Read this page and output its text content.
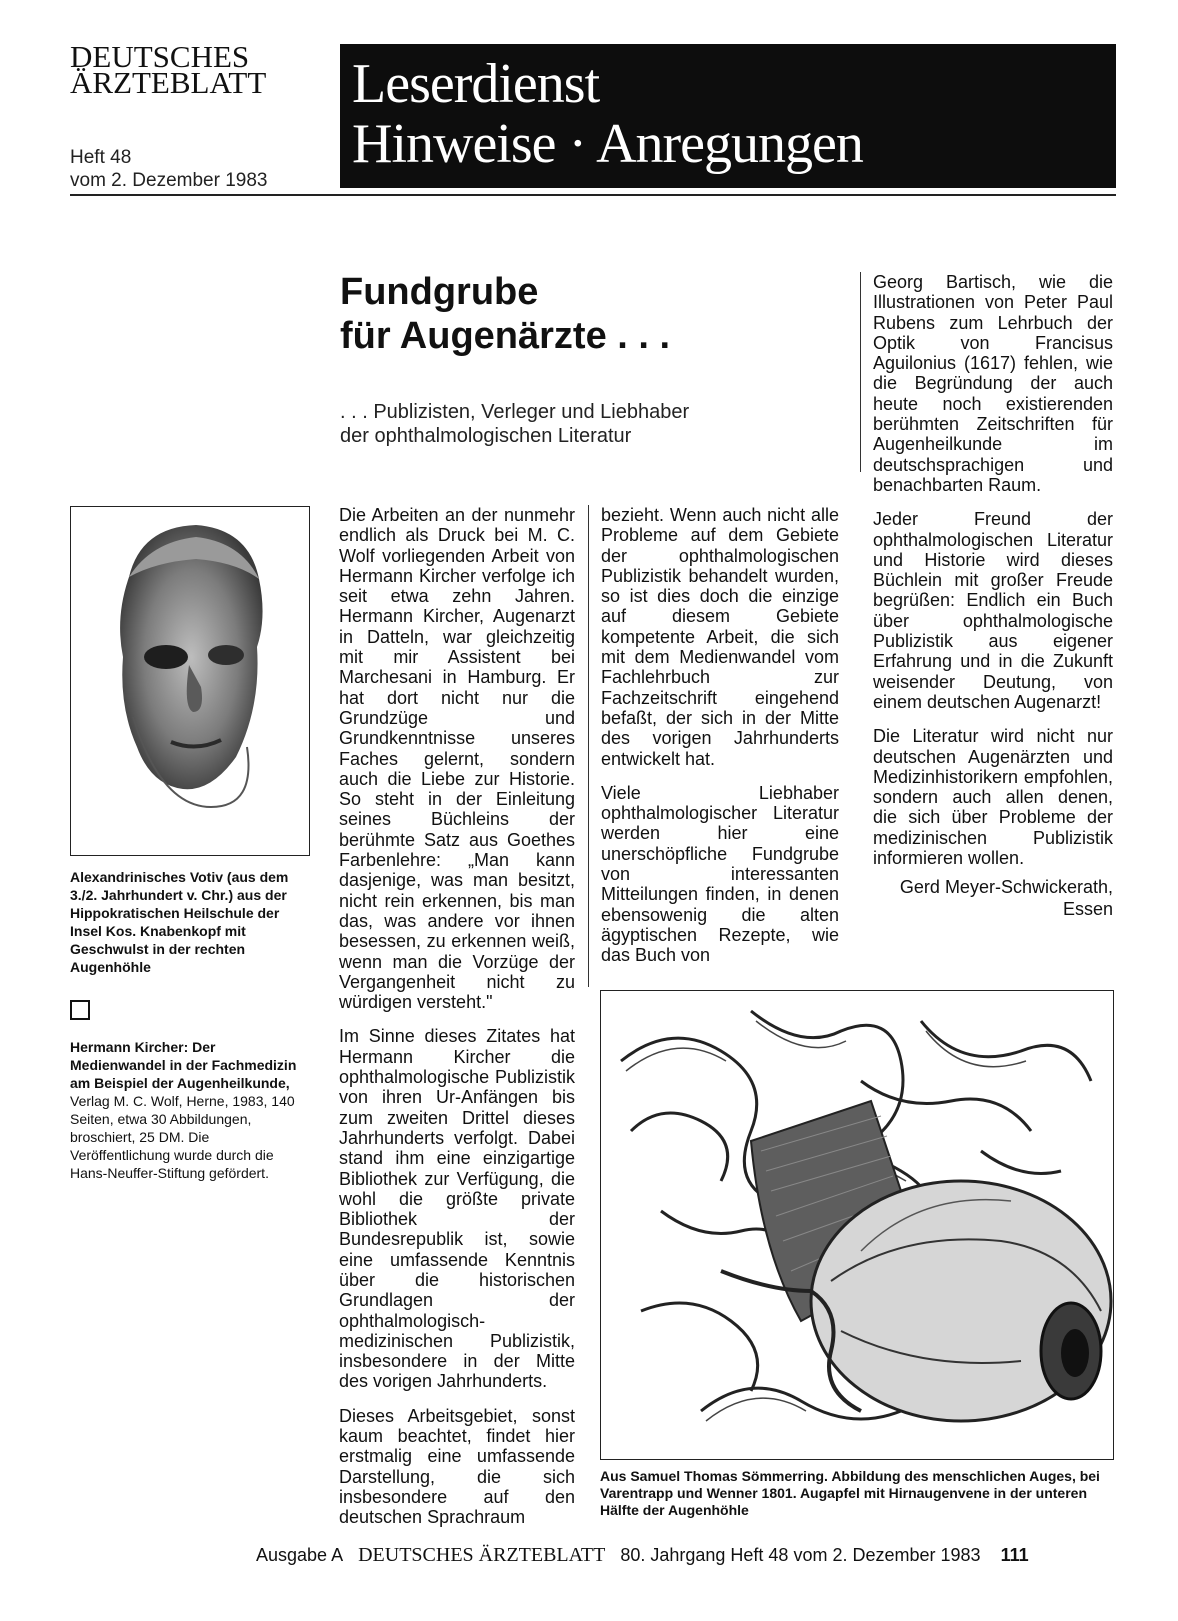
DEUTSCHES
ÄRZTEBLATT
Heft 48
vom 2. Dezember 1983
Leserdienst
Hinweise · Anregungen
Fundgrube
für Augenärzte . . .
. . . Publizisten, Verleger und Liebhaber
der ophthalmologischen Literatur
Alexandrinisches Votiv (aus dem 3./2. Jahrhundert v. Chr.) aus der Hippokratischen Heilschule der Insel Kos. Knabenkopf mit Geschwulst in der rechten Augenhöhle
Hermann Kircher: Der Medienwandel in der Fachmedizin am Beispiel der Augenheilkunde, Verlag M. C. Wolf, Herne, 1983, 140 Seiten, etwa 30 Abbildungen, broschiert, 25 DM. Die Veröffentlichung wurde durch die Hans-Neuffer-Stiftung gefördert.

Die Arbeiten an der nunmehr endlich als Druck bei M. C. Wolf vorliegenden Arbeit von Hermann Kircher verfolge ich seit etwa zehn Jahren. Hermann Kircher, Augenarzt in Datteln, war gleichzeitig mit mir Assistent bei Marchesani in Hamburg. Er hat dort nicht nur die Grundzüge und Grundkenntnisse unseres Faches gelernt, sondern auch die Liebe zur Historie. So steht in der Einleitung seines Büchleins der berühmte Satz aus Goethes Farbenlehre: „Man kann dasjenige, was man besitzt, nicht rein erkennen, bis man das, was andere vor ihnen besessen, zu erkennen weiß, wenn man die Vorzüge der Vergangenheit nicht zu würdigen versteht."

Im Sinne dieses Zitates hat Hermann Kircher die ophthalmologische Publizistik von ihren Ur-Anfängen bis zum zweiten Drittel dieses Jahrhunderts verfolgt. Dabei stand ihm eine einzigartige Bibliothek zur Verfügung, die wohl die größte private Bibliothek der Bundesrepublik ist, sowie eine umfassende Kenntnis über die historischen Grundlagen der ophthalmologisch-medizinischen Publizistik, insbesondere in der Mitte des vorigen Jahrhunderts.

Dieses Arbeitsgebiet, sonst kaum beachtet, findet hier erstmalig eine umfassende Darstellung, die sich insbesondere auf den deutschen Sprachraum

bezieht. Wenn auch nicht alle Probleme auf dem Gebiete der ophthalmologischen Publizistik behandelt wurden, so ist dies doch die einzige auf diesem Gebiete kompetente Arbeit, die sich mit dem Medienwandel vom Fachlehrbuch zur Fachzeitschrift eingehend befaßt, der sich in der Mitte des vorigen Jahrhunderts entwickelt hat.

Viele Liebhaber ophthalmologischer Literatur werden hier eine unerschöpfliche Fundgrube von interessanten Mitteilungen finden, in denen ebensowenig die alten ägyptischen Rezepte, wie das Buch von

Georg Bartisch, wie die Illustrationen von Peter Paul Rubens zum Lehrbuch der Optik von Francisus Aguilonius (1617) fehlen, wie die Begründung der auch heute noch existierenden berühmten Zeitschriften für Augenheilkunde im deutschsprachigen und benachbarten Raum.

Jeder Freund der ophthalmologischen Literatur und Historie wird dieses Büchlein mit großer Freude begrüßen: Endlich ein Buch über ophthalmologische Publizistik aus eigener Erfahrung und in die Zukunft weisender Deutung, von einem deutschen Augenarzt!

Die Literatur wird nicht nur deutschen Augenärzten und Medizinhistorikern empfohlen, sondern auch allen denen, die sich über Probleme der medizinischen Publizistik informieren wollen.

Gerd Meyer-Schwickerath,
Essen
Aus Samuel Thomas Sömmerring. Abbildung des menschlichen Auges, bei Varentrapp und Wenner 1801. Augapfel mit Hirnaugenvene in der unteren Hälfte der Augenhöhle
Ausgabe A DEUTSCHES ÄRZTEBLATT 80. Jahrgang Heft 48 vom 2. Dezember 1983 111
